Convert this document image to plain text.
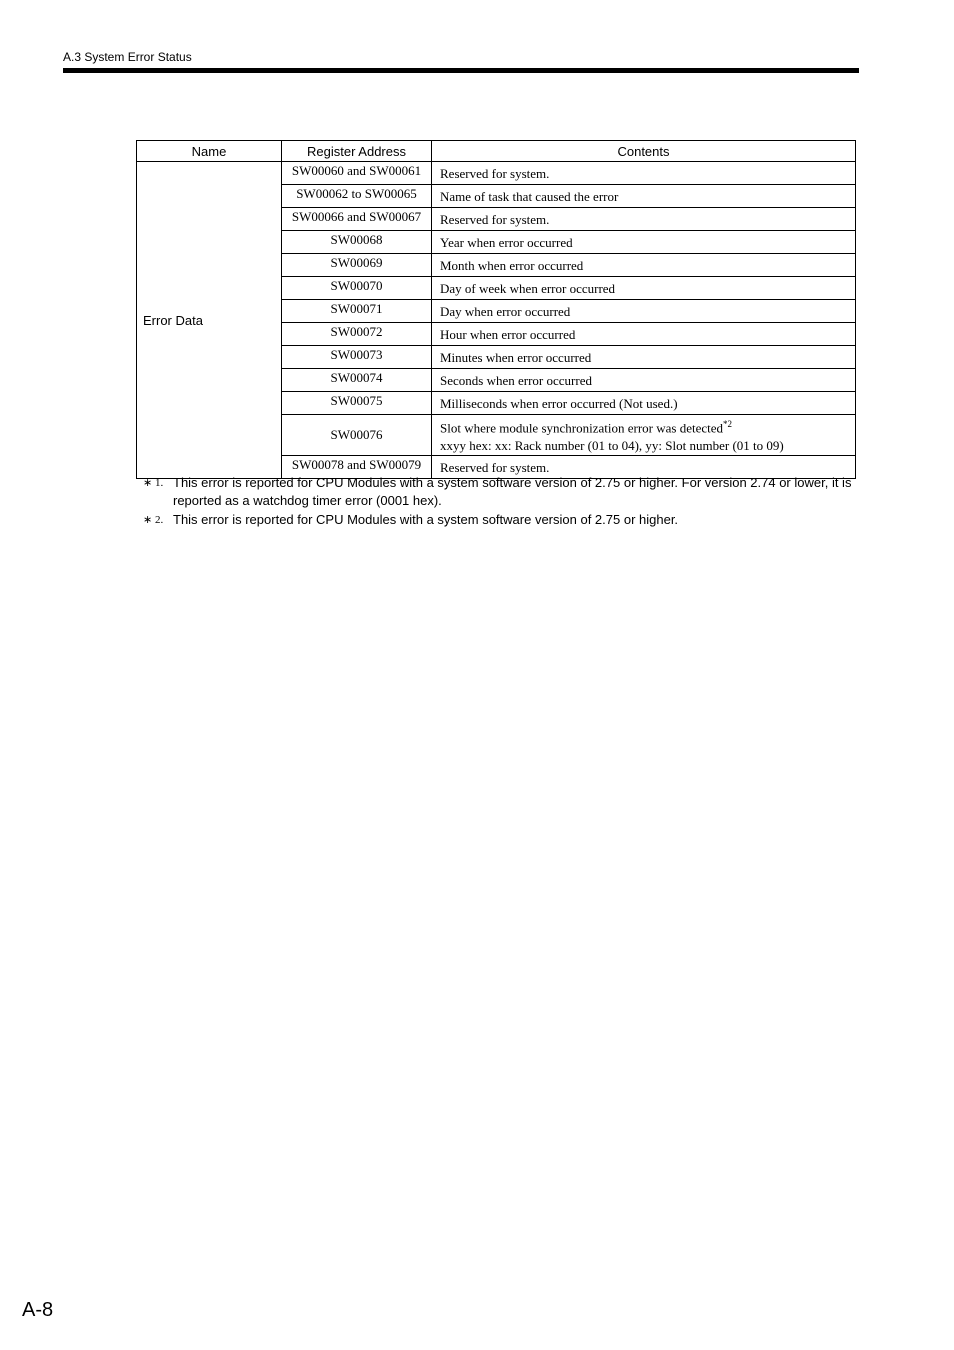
A.3 System Error Status
Name	Register Address	Contents
Error Data	SW00060 and SW00061	Reserved for system.
	SW00062 to SW00065	Name of task that caused the error
	SW00066 and SW00067	Reserved for system.
	SW00068	Year when error occurred
	SW00069	Month when error occurred
	SW00070	Day of week when error occurred
	SW00071	Day when error occurred
	SW00072	Hour when error occurred
	SW00073	Minutes when error occurred
	SW00074	Seconds when error occurred
	SW00075	Milliseconds when error occurred (Not used.)
	SW00076	Slot where module synchronization error was detected$^{*2}$
xxyy hex: xx: Rack number (01 to 04), yy: Slot number (01 to 09)

	SW00078 and SW00079	Reserved for system.
∗ 1. This error is reported for CPU Modules with a system software version of 2.75 or higher. For version 2.74 or lower, it is reported as a watchdog timer error (0001 hex).
∗ 2. This error is reported for CPU Modules with a system software version of 2.75 or higher.
A-8
